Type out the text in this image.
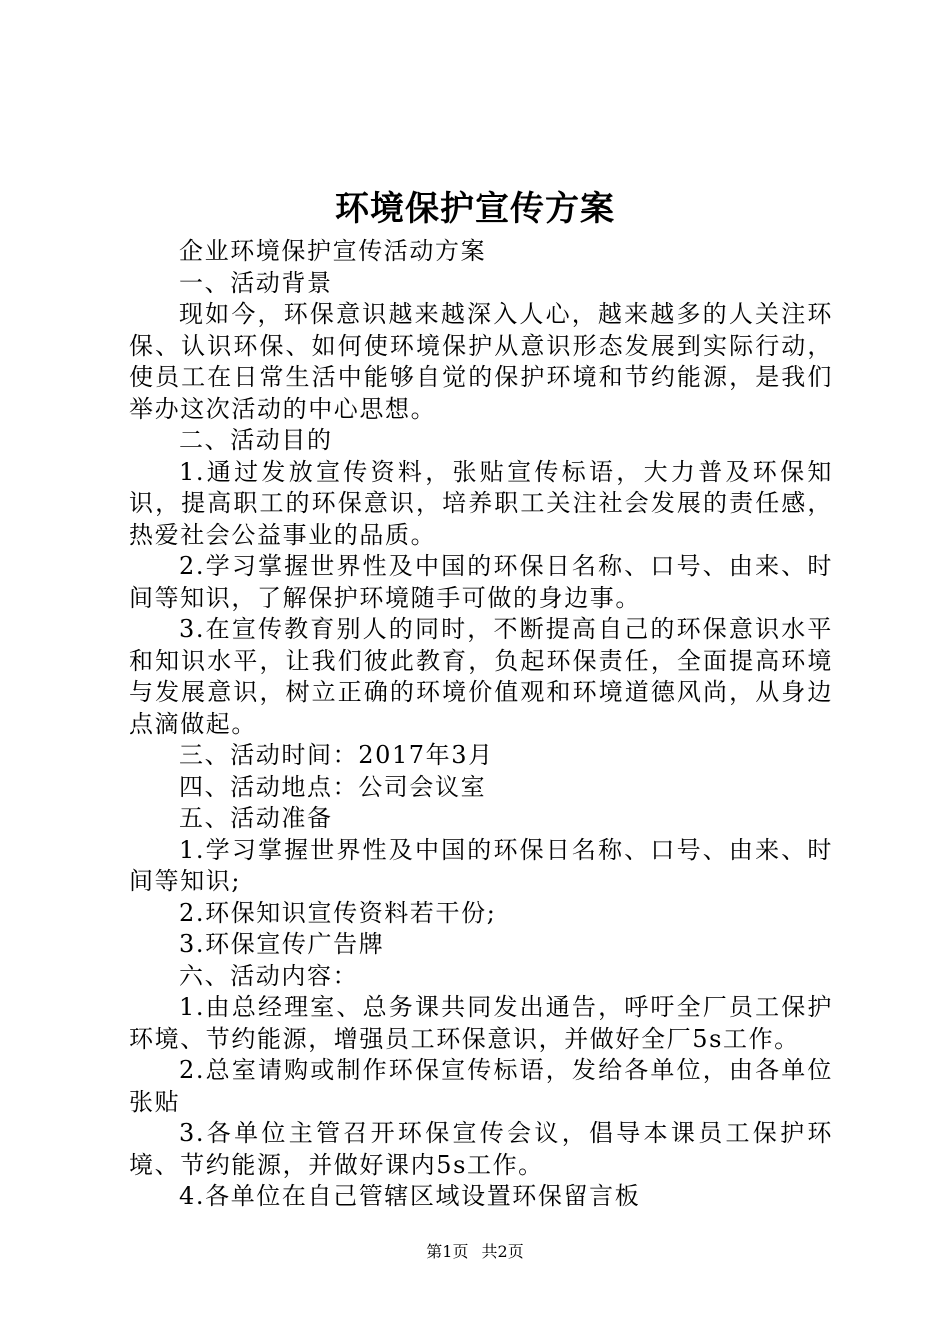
环境保护宣传方案

企业环境保护宣传活动方案

一、活动背景

现如今，环保意识越来越深入人心，越来越多的人关注环保、认识环保、如何使环境保护从意识形态发展到实际行动，使员工在日常生活中能够自觉的保护环境和节约能源，是我们举办这次活动的中心思想。

二、活动目的

1.通过发放宣传资料，张贴宣传标语，大力普及环保知识，提高职工的环保意识，培养职工关注社会发展的责任感，热爱社会公益事业的品质。

2.学习掌握世界性及中国的环保日名称、口号、由来、时间等知识，了解保护环境随手可做的身边事。

3.在宣传教育别人的同时，不断提高自己的环保意识水平和知识水平，让我们彼此教育，负起环保责任，全面提高环境与发展意识，树立正确的环境价值观和环境道德风尚，从身边点滴做起。

三、活动时间：2017年3月

四、活动地点：公司会议室

五、活动准备

1.学习掌握世界性及中国的环保日名称、口号、由来、时间等知识;

2.环保知识宣传资料若干份;

3.环保宣传广告牌

六、活动内容：

1.由总经理室、总务课共同发出通告，呼吁全厂员工保护环境、节约能源，增强员工环保意识，并做好全厂5s工作。

2.总室请购或制作环保宣传标语，发给各单位，由各单位张贴

3.各单位主管召开环保宣传会议，倡导本课员工保护环境、节约能源，并做好课内5s工作。

4.各单位在自己管辖区域设置环保留言板

第1页 共2页
